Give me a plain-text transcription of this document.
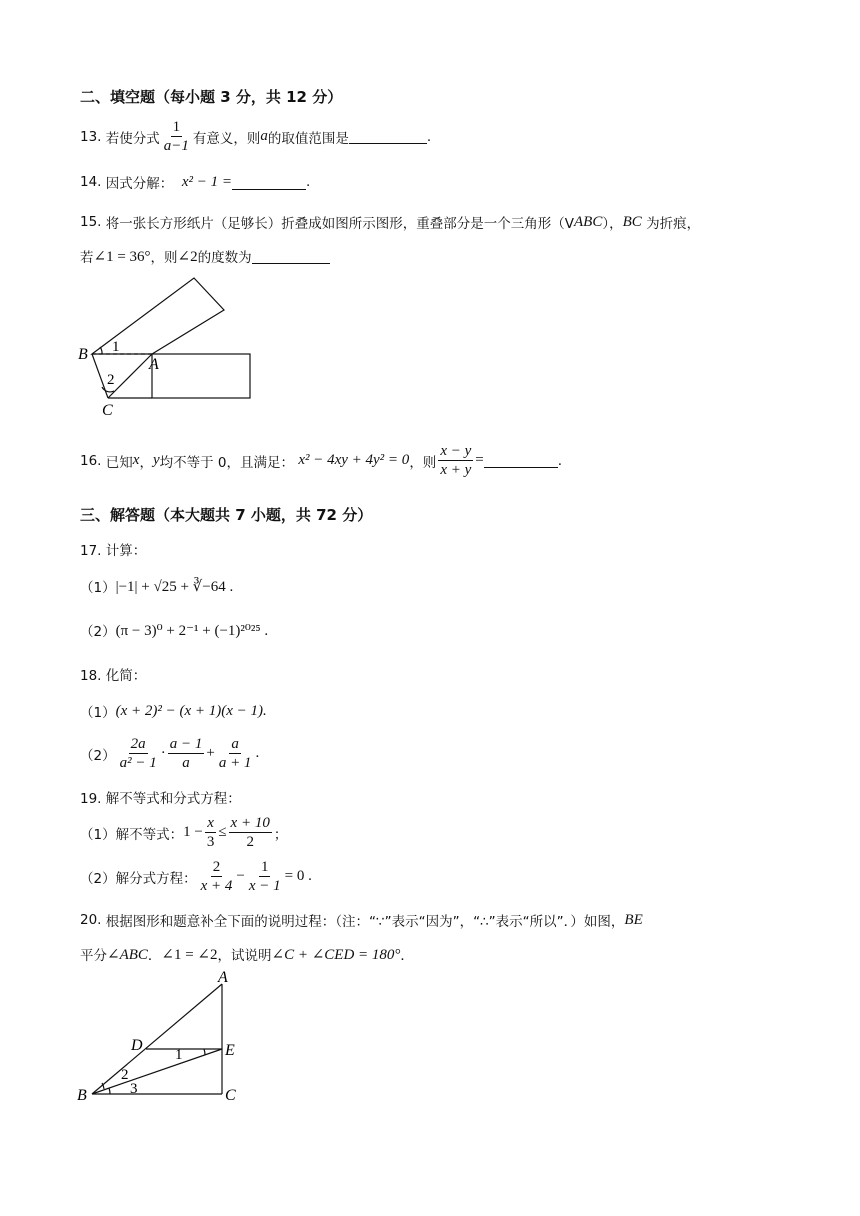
二、填空题（每小题 3 分，共 12 分）
13.
若使分式 $\frac{1}{a-1}$ 有意义，则 a 的取值范围是	.
14.
因式分解：
x² − 1 =	.
15.
将一张长方形纸片（足够长）折叠成如图所示图形，重叠部分是一个三角形（V ABC ）， BC
为折痕，
若 ∠1 = 36° ，则 ∠2 的度数为
B 1
A
2
C
16.
已知 x ， y 均不等于 0，且满足：
x² − 4xy + 4y² = 0 ，则 $\frac{x - y}{x + y}$ =	.
三、解答题（本大题共 7 小题，共 72 分）
17. 计算：
（1） |−1| + √25 + ∛−64 .
（2） (π − 3)⁰ + 2⁻¹ + (−1)²⁰²⁵ .
18. 化简：
（1） (x + 2)² − (x + 1)(x − 1).
$(2) \frac{2a}{\text{a² − 1}} \cdot \frac{a - 1}{a} + \frac{a}{a + 1}$ .
19. 解不等式和分式方程：
（1）解不等式： $1 - \frac{x}{3} \le \frac{x + 10}{2}$ ；
（2）解分式方程： $\frac{2}{x + 4} - \frac{1}{x - 1} = 0$ .
20.
根据图形和题意补全下面的说明过程：（注：“∵”表示“因为”，“∴”表示“所以”．）如图， BE
平分 ∠ABC ． ∠1 = ∠2 ，试说明 ∠C + ∠CED = 180° ．
A
D	E
1
2
3
B	C
